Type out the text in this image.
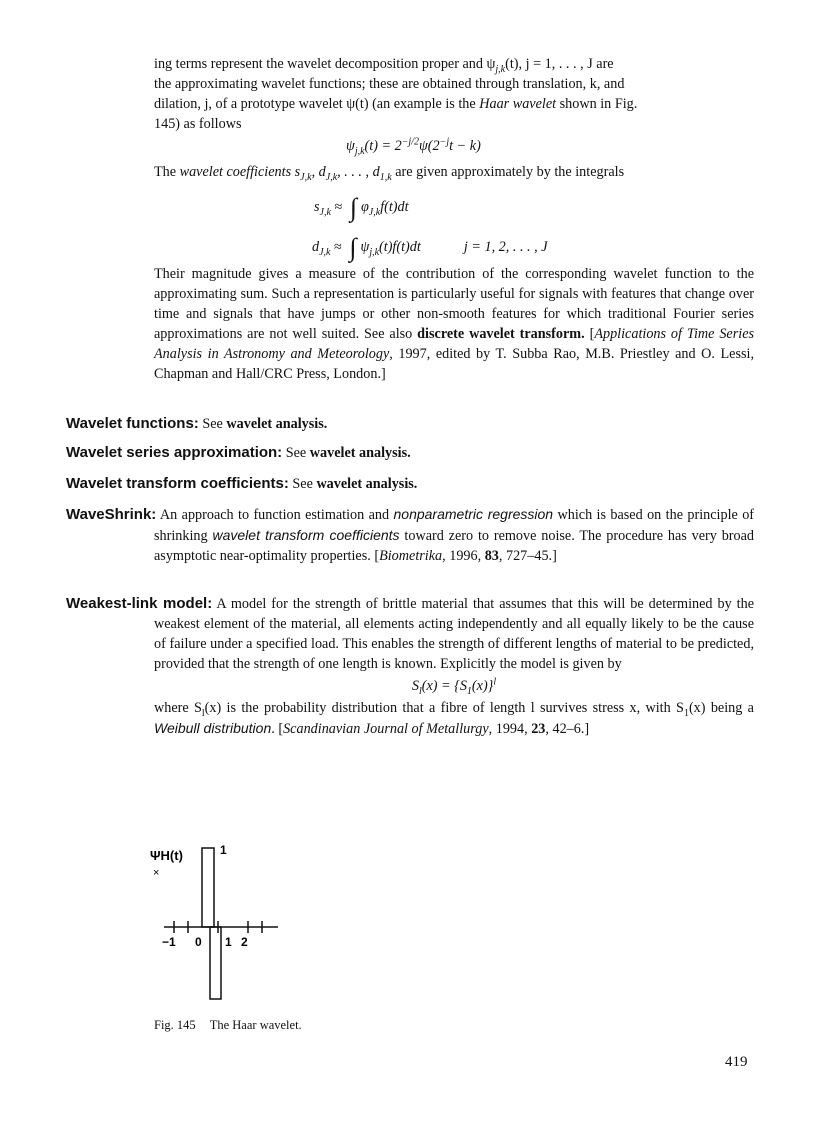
ing terms represent the wavelet decomposition proper and $\psi_{j,k}(t)$, j = 1, . . . , J are
the approximating wavelet functions; these are obtained through translation, k, and
dilation, j, of a prototype wavelet ψ(t) (an example is the Haar wavelet shown in Fig.
145) as follows
$\psi_{j,k}(t) = 2^{-j/2}\psi(2^{-j}t - k)$
The wavelet coefficients $s_{J,k}$, $d_{J,k}$, . . . , $d_{1,k}$ are given approximately by the integrals
$s_{J,k}$ ≈ ∫ $\varphi_{J,k}f(t)dt$
$d_{J,k}$ ≈ ∫ $\psi_{j,k}(t)f(t)dt$	j = 1, 2, . . . , J
Their magnitude gives a measure of the contribution of the corresponding wavelet function to the approximating sum. Such a representation is particularly useful for signals with features that change over time and signals that have jumps or other non-smooth features for which traditional Fourier series approximations are not well suited. See also discrete wavelet transform. [Applications of Time Series Analysis in Astronomy and Meteorology, 1997, edited by T. Subba Rao, M.B. Priestley and O. Lessi, Chapman and Hall/CRC Press, London.]
Wavelet functions: See wavelet analysis.
Wavelet series approximation: See wavelet analysis.
Wavelet transform coefficients: See wavelet analysis.
WaveShrink: An approach to function estimation and nonparametric regression which is based on the principle of shrinking wavelet transform coefficients toward zero to remove noise. The procedure has very broad asymptotic near-optimality properties. [Biometrika, 1996, 83, 727–45.]
Weakest-link model: A model for the strength of brittle material that assumes that this will be determined by the weakest element of the material, all elements acting independently and all equally likely to be the cause of failure under a specified load. This enables the strength of different lengths of material to be predicted, provided that the strength of one length is known. Explicitly the model is given by
$S_l(x) = \{S_1(x)\}^l$
where $S_l(x)$ is the probability distribution that a fibre of length l survives stress x, with $S_1(x)$ being a Weibull distribution. [Scandinavian Journal of Metallurgy, 1994, 23, 42–6.]
ΨH(t)
×
1
−1 0 1 2
Fig. 145 The Haar wavelet.
419
